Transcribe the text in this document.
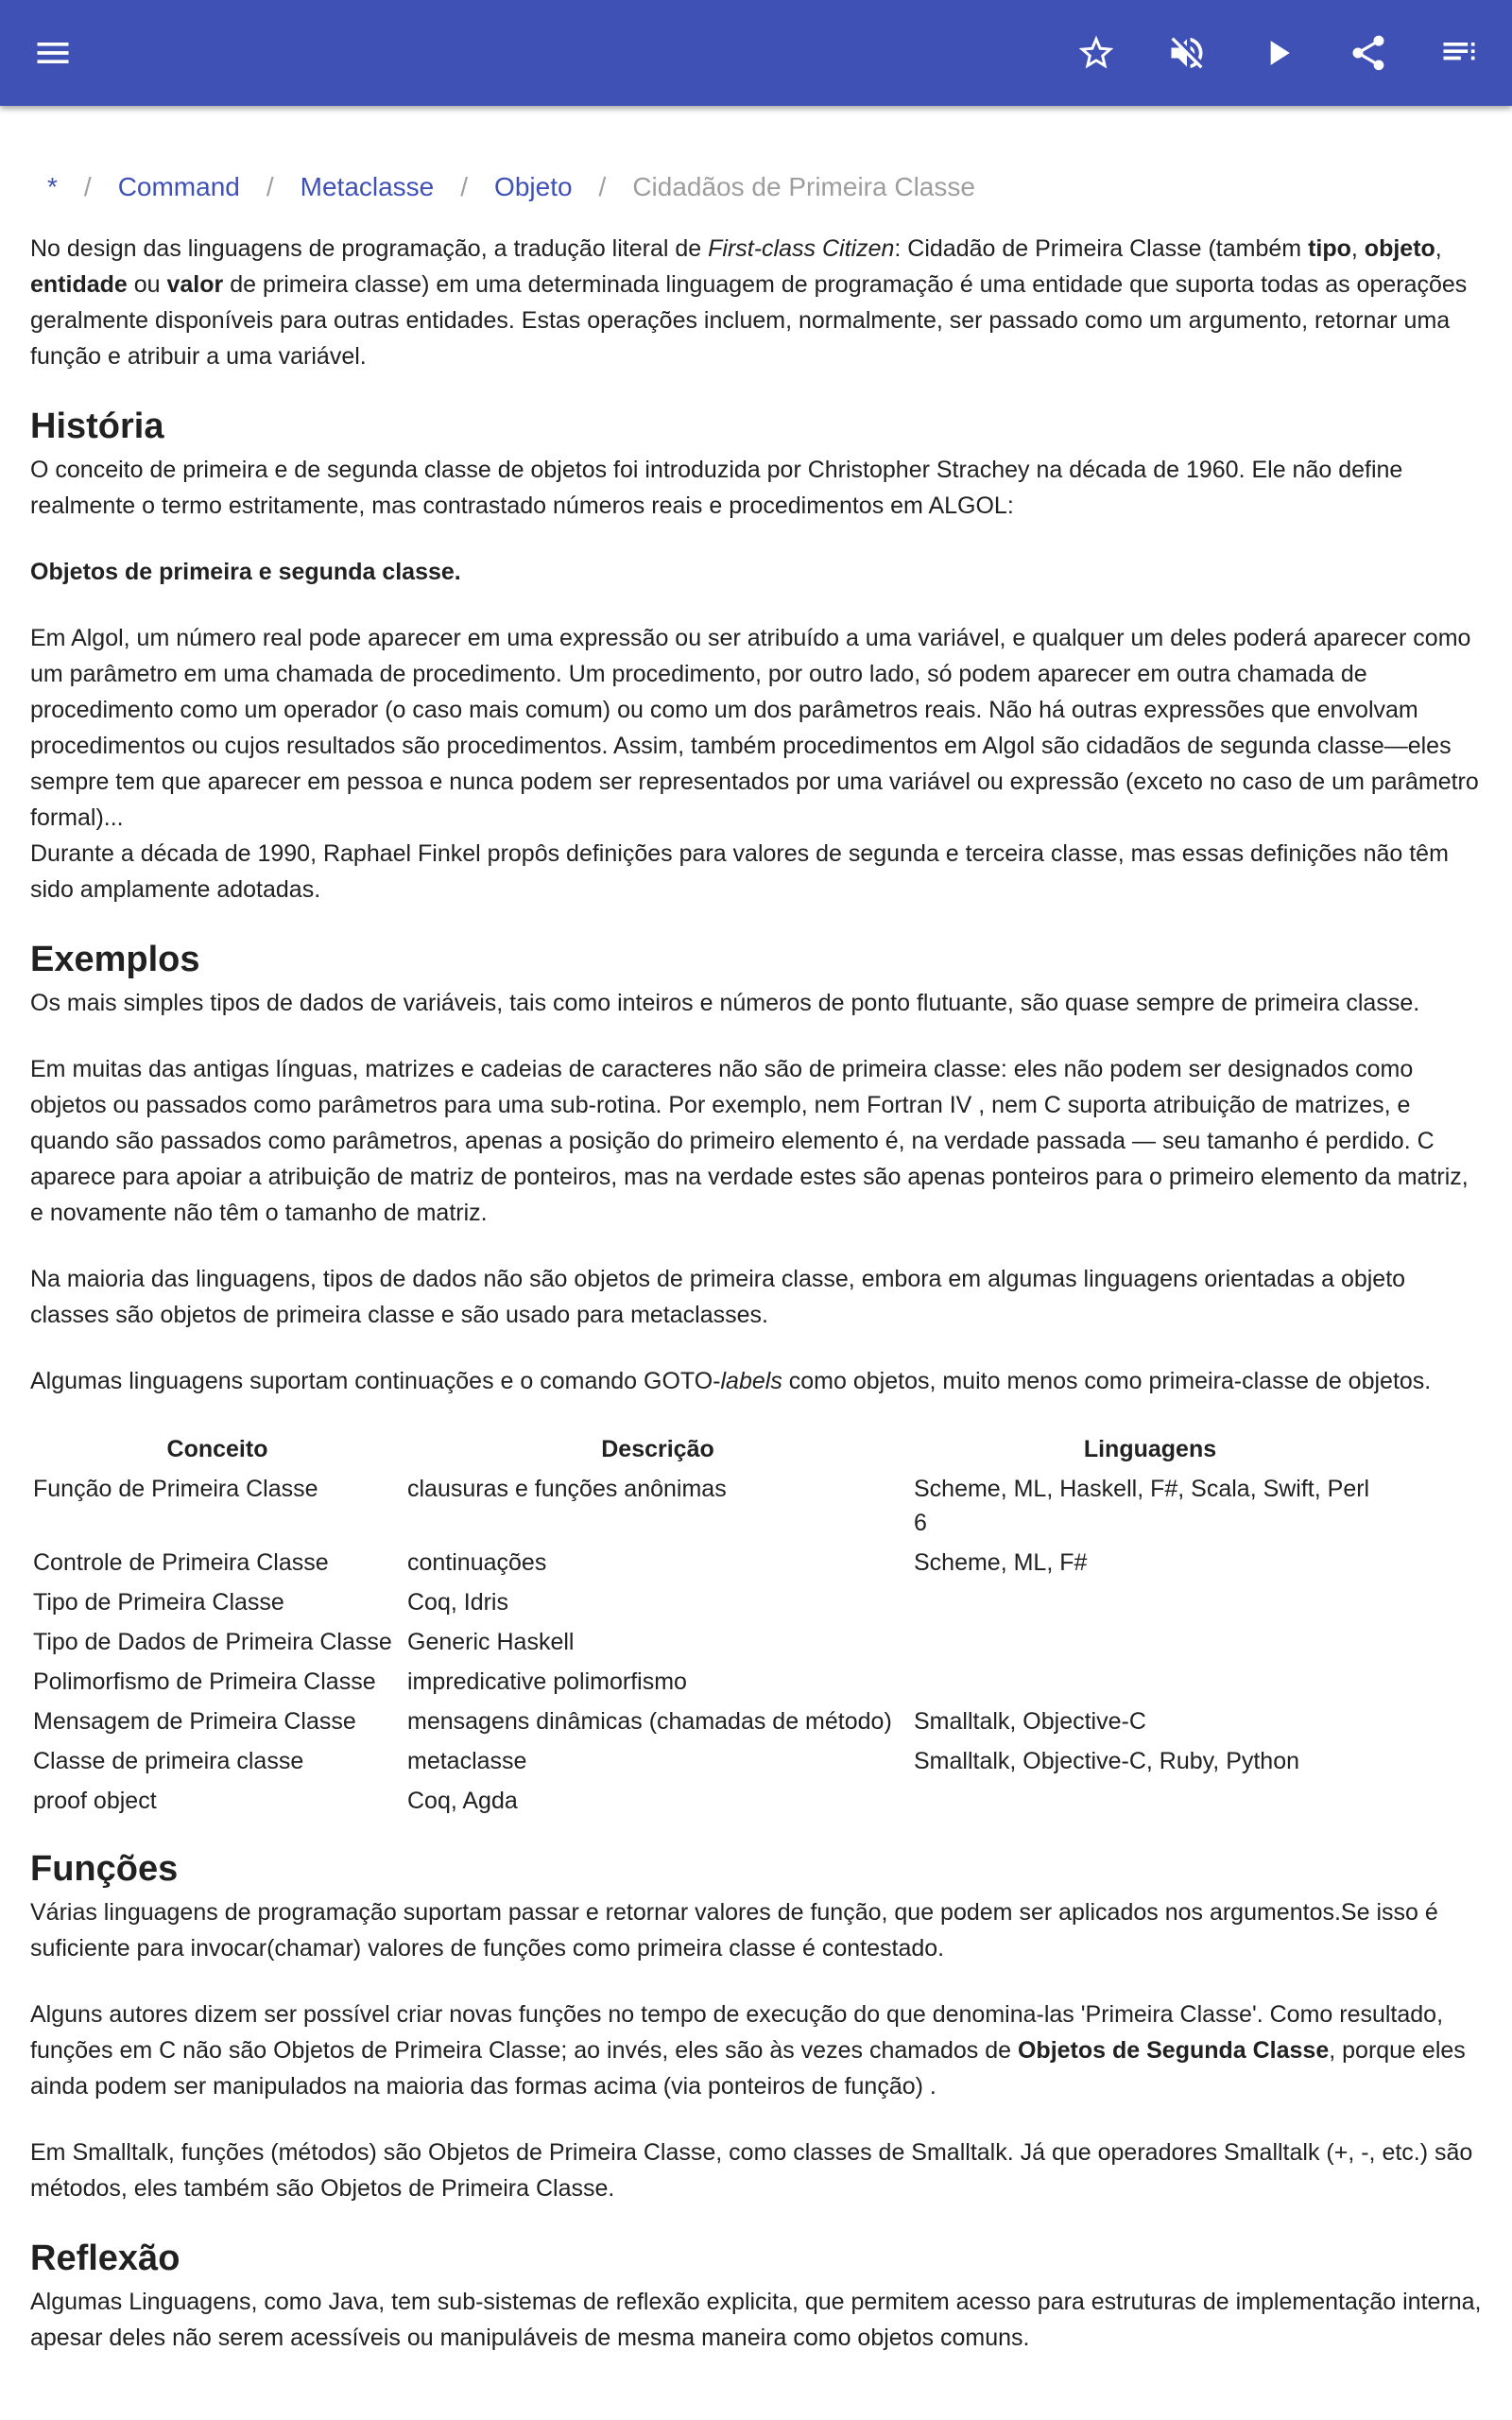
* / Command / Metaclasse / Objeto / Cidadãos de Primeira Classe

No design das linguagens de programação, a tradução literal de First-class Citizen: Cidadão de Primeira Classe (também tipo, objeto, entidade ou valor de primeira classe) em uma determinada linguagem de programação é uma entidade que suporta todas as operações geralmente disponíveis para outras entidades. Estas operações incluem, normalmente, ser passado como um argumento, retornar uma função e atribuir a uma variável.

História

O conceito de primeira e de segunda classe de objetos foi introduzida por Christopher Strachey na década de 1960. Ele não define realmente o termo estritamente, mas contrastado números reais e procedimentos em ALGOL:

Objetos de primeira e segunda classe.

Em Algol, um número real pode aparecer em uma expressão ou ser atribuído a uma variável, e qualquer um deles poderá aparecer como um parâmetro em uma chamada de procedimento. Um procedimento, por outro lado, só podem aparecer em outra chamada de procedimento como um operador (o caso mais comum) ou como um dos parâmetros reais. Não há outras expressões que envolvam procedimentos ou cujos resultados são procedimentos. Assim, também procedimentos em Algol são cidadãos de segunda classe—eles sempre tem que aparecer em pessoa e nunca podem ser representados por uma variável ou expressão (exceto no caso de um parâmetro formal)...
Durante a década de 1990, Raphael Finkel propôs definições para valores de segunda e terceira classe, mas essas definições não têm sido amplamente adotadas.

Exemplos

Os mais simples tipos de dados de variáveis, tais como inteiros e números de ponto flutuante, são quase sempre de primeira classe.

Em muitas das antigas línguas, matrizes e cadeias de caracteres não são de primeira classe: eles não podem ser designados como objetos ou passados como parâmetros para uma sub-rotina. Por exemplo, nem Fortran IV , nem C suporta atribuição de matrizes, e quando são passados como parâmetros, apenas a posição do primeiro elemento é, na verdade passada — seu tamanho é perdido. C aparece para apoiar a atribuição de matriz de ponteiros, mas na verdade estes são apenas ponteiros para o primeiro elemento da matriz, e novamente não têm o tamanho de matriz.

Na maioria das linguagens, tipos de dados não são objetos de primeira classe, embora em algumas linguagens orientadas a objeto classes são objetos de primeira classe e são usado para metaclasses.

Algumas linguagens suportam continuações e o comando GOTO-labels como objetos, muito menos como primeira-classe de objetos.

Conceito	Descrição	Linguagens
Função de Primeira Classe	clausuras e funções anônimas	Scheme, ML, Haskell, F#, Scala, Swift, Perl 6
Controle de Primeira Classe	continuações	Scheme, ML, F#
Tipo de Primeira Classe	Coq, Idris	
Tipo de Dados de Primeira Classe	Generic Haskell	
Polimorfismo de Primeira Classe	impredicative polimorfismo	
Mensagem de Primeira Classe	mensagens dinâmicas (chamadas de método)	Smalltalk, Objective-C
Classe de primeira classe	metaclasse	Smalltalk, Objective-C, Ruby, Python
proof object	Coq, Agda	
Funções

Várias linguagens de programação suportam passar e retornar valores de função, que podem ser aplicados nos argumentos.Se isso é suficiente para invocar(chamar) valores de funções como primeira classe é contestado.

Alguns autores dizem ser possível criar novas funções no tempo de execução do que denomina-las 'Primeira Classe'. Como resultado, funções em C não são Objetos de Primeira Classe; ao invés, eles são às vezes chamados de Objetos de Segunda Classe, porque eles ainda podem ser manipulados na maioria das formas acima (via ponteiros de função) .

Em Smalltalk, funções (métodos) são Objetos de Primeira Classe, como classes de Smalltalk. Já que operadores Smalltalk (+, -, etc.) são métodos, eles também são Objetos de Primeira Classe.

Reflexão

Algumas Linguagens, como Java, tem sub-sistemas de reflexão explicita, que permitem acesso para estruturas de implementação interna, apesar deles não serem acessíveis ou manipuláveis de mesma maneira como objetos comuns.
